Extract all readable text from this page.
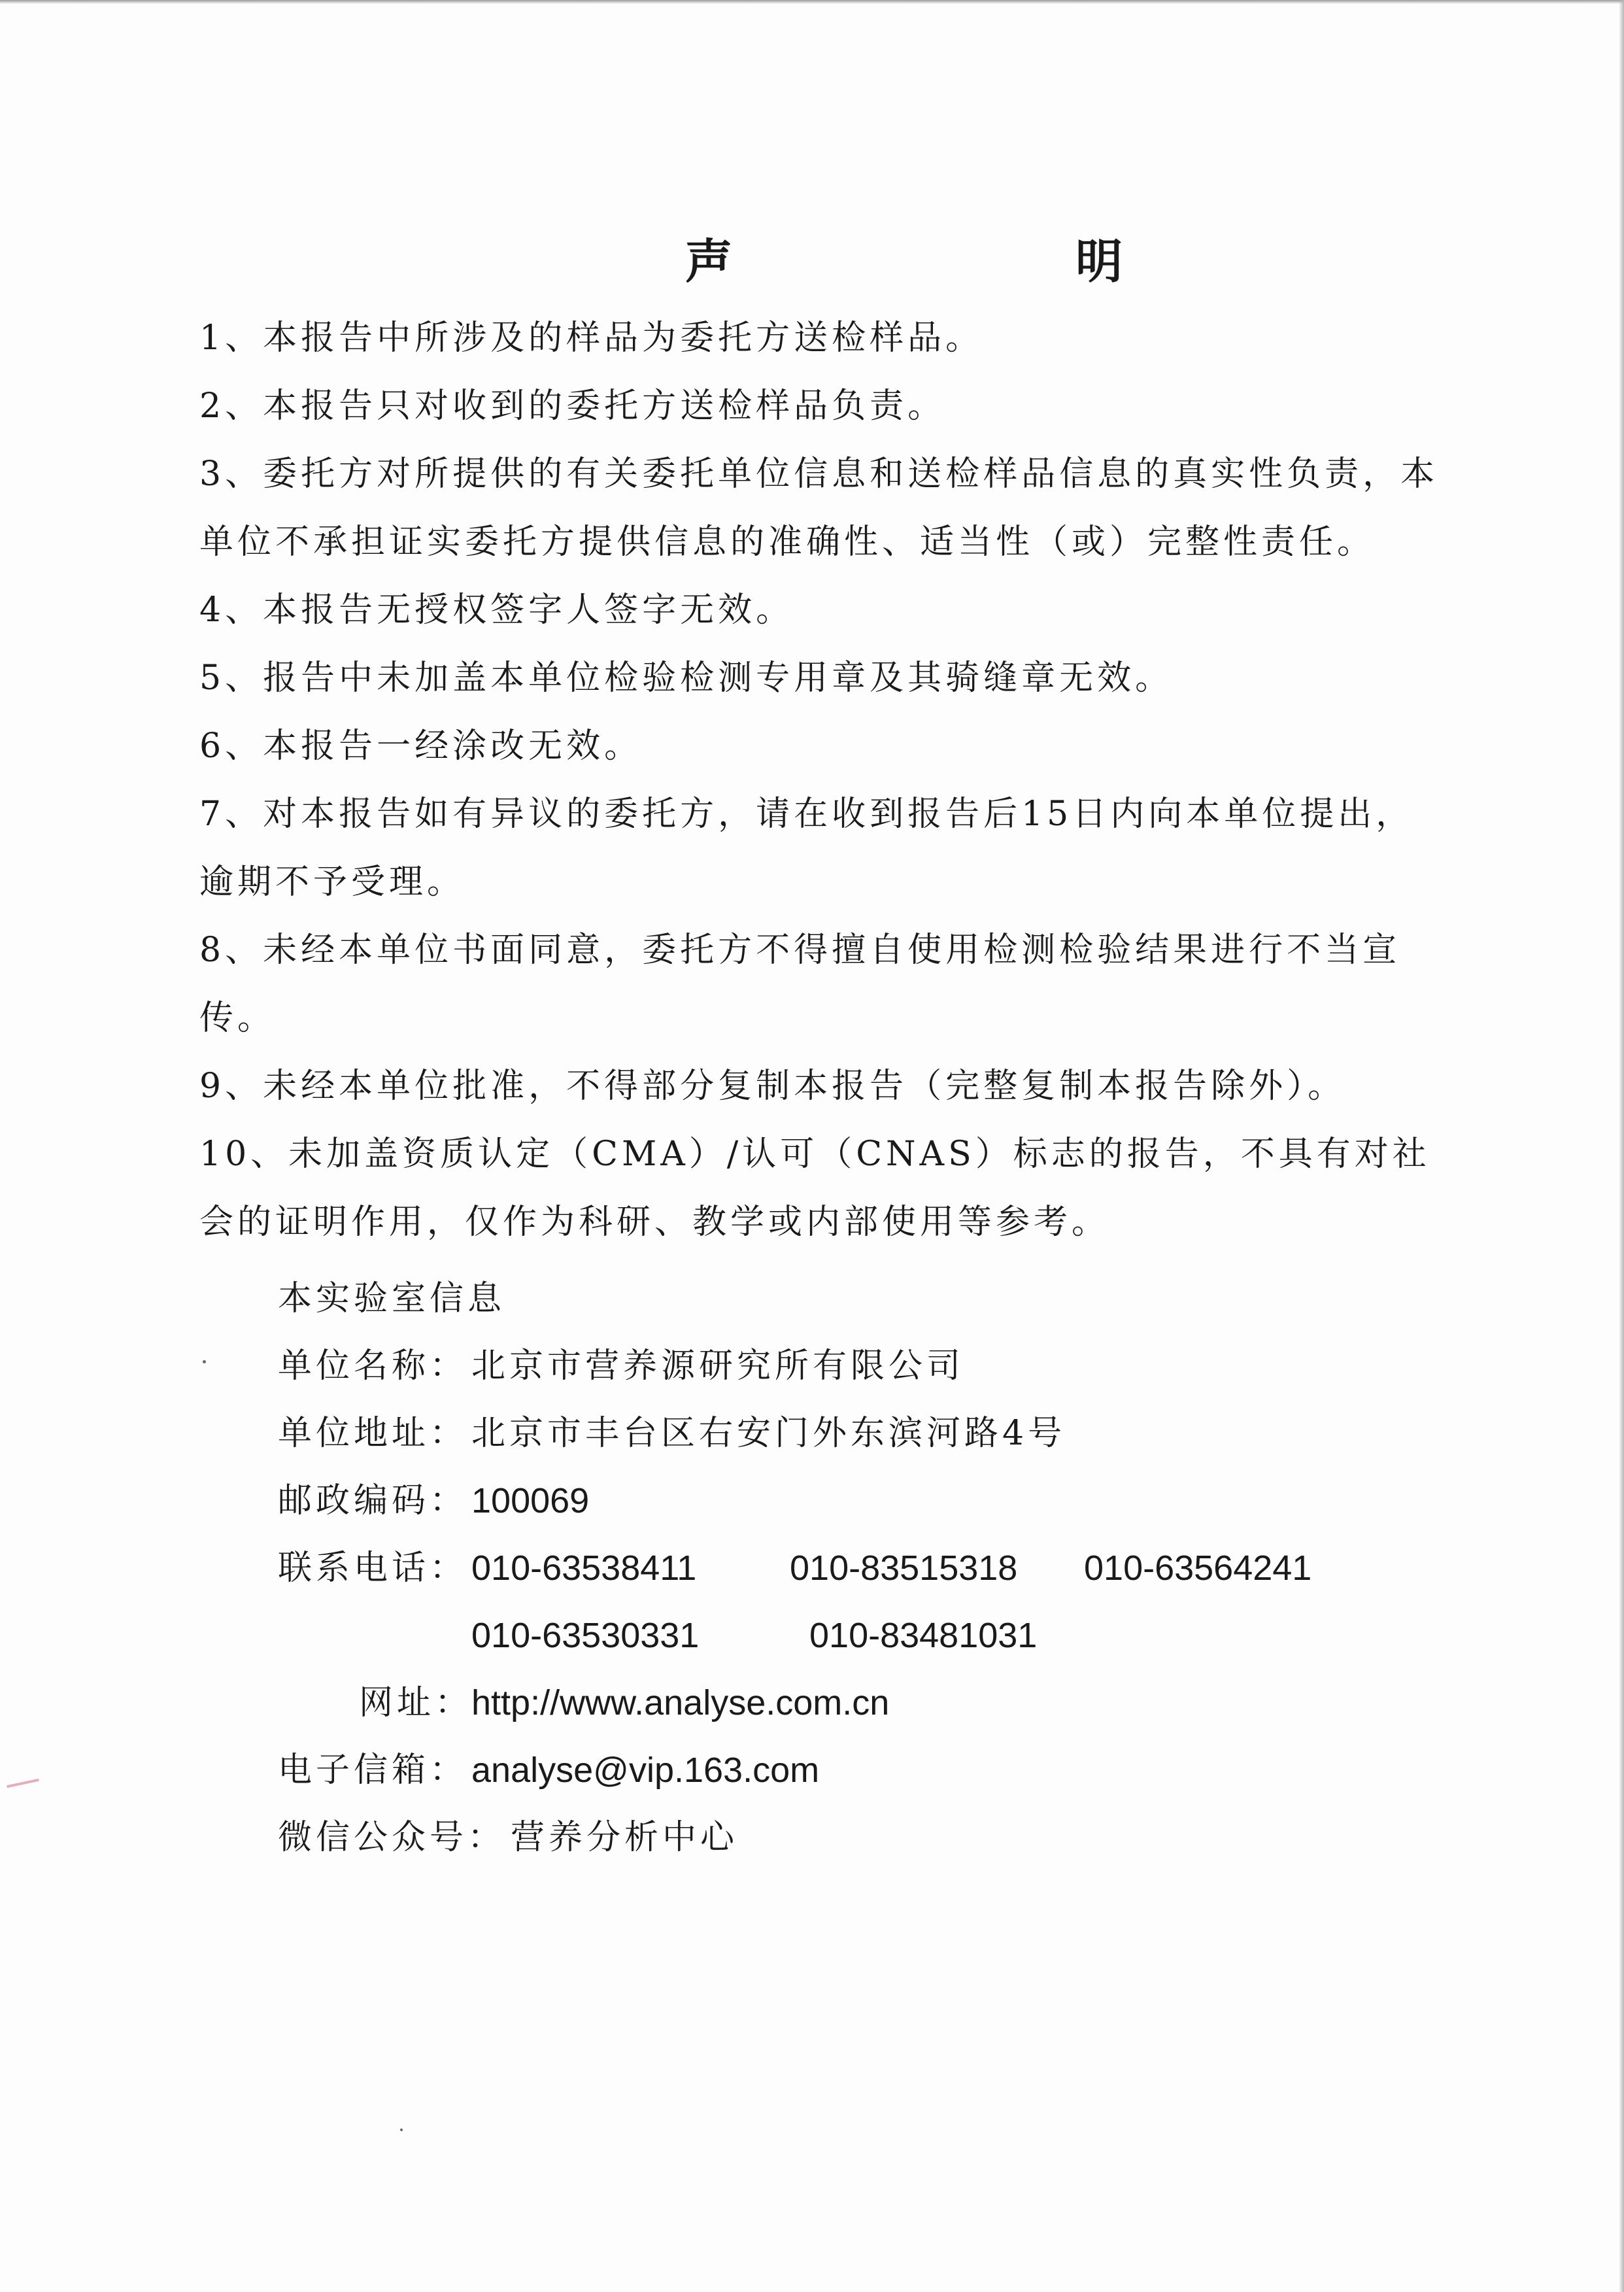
声 明

1、本报告中所涉及的样品为委托方送检样品。

2、本报告只对收到的委托方送检样品负责。

3、委托方对所提供的有关委托单位信息和送检样品信息的真实性负责，本单位不承担证实委托方提供信息的准确性、适当性（或）完整性责任。

4、本报告无授权签字人签字无效。

5、报告中未加盖本单位检验检测专用章及其骑缝章无效。

6、本报告一经涂改无效。

7、对本报告如有异议的委托方，请在收到报告后15日内向本单位提出，逾期不予受理。

8、未经本单位书面同意，委托方不得擅自使用检测检验结果进行不当宣传。

9、未经本单位批准，不得部分复制本报告（完整复制本报告除外）。

10、未加盖资质认定（CMA）/认可（CNAS）标志的报告，不具有对社会的证明作用，仅作为科研、教学或内部使用等参考。

本实验室信息
单位名称： 北京市营养源研究所有限公司
单位地址： 北京市丰台区右安门外东滨河路4号
邮政编码： 100069
联系电话： 010-63538411	010-83515318 010-63564241
010-63530331	010-83481031
网址：
http://www.analyse.com.cn
电子信箱： analyse@vip.163.com
微信公众号： 营养分析中心
